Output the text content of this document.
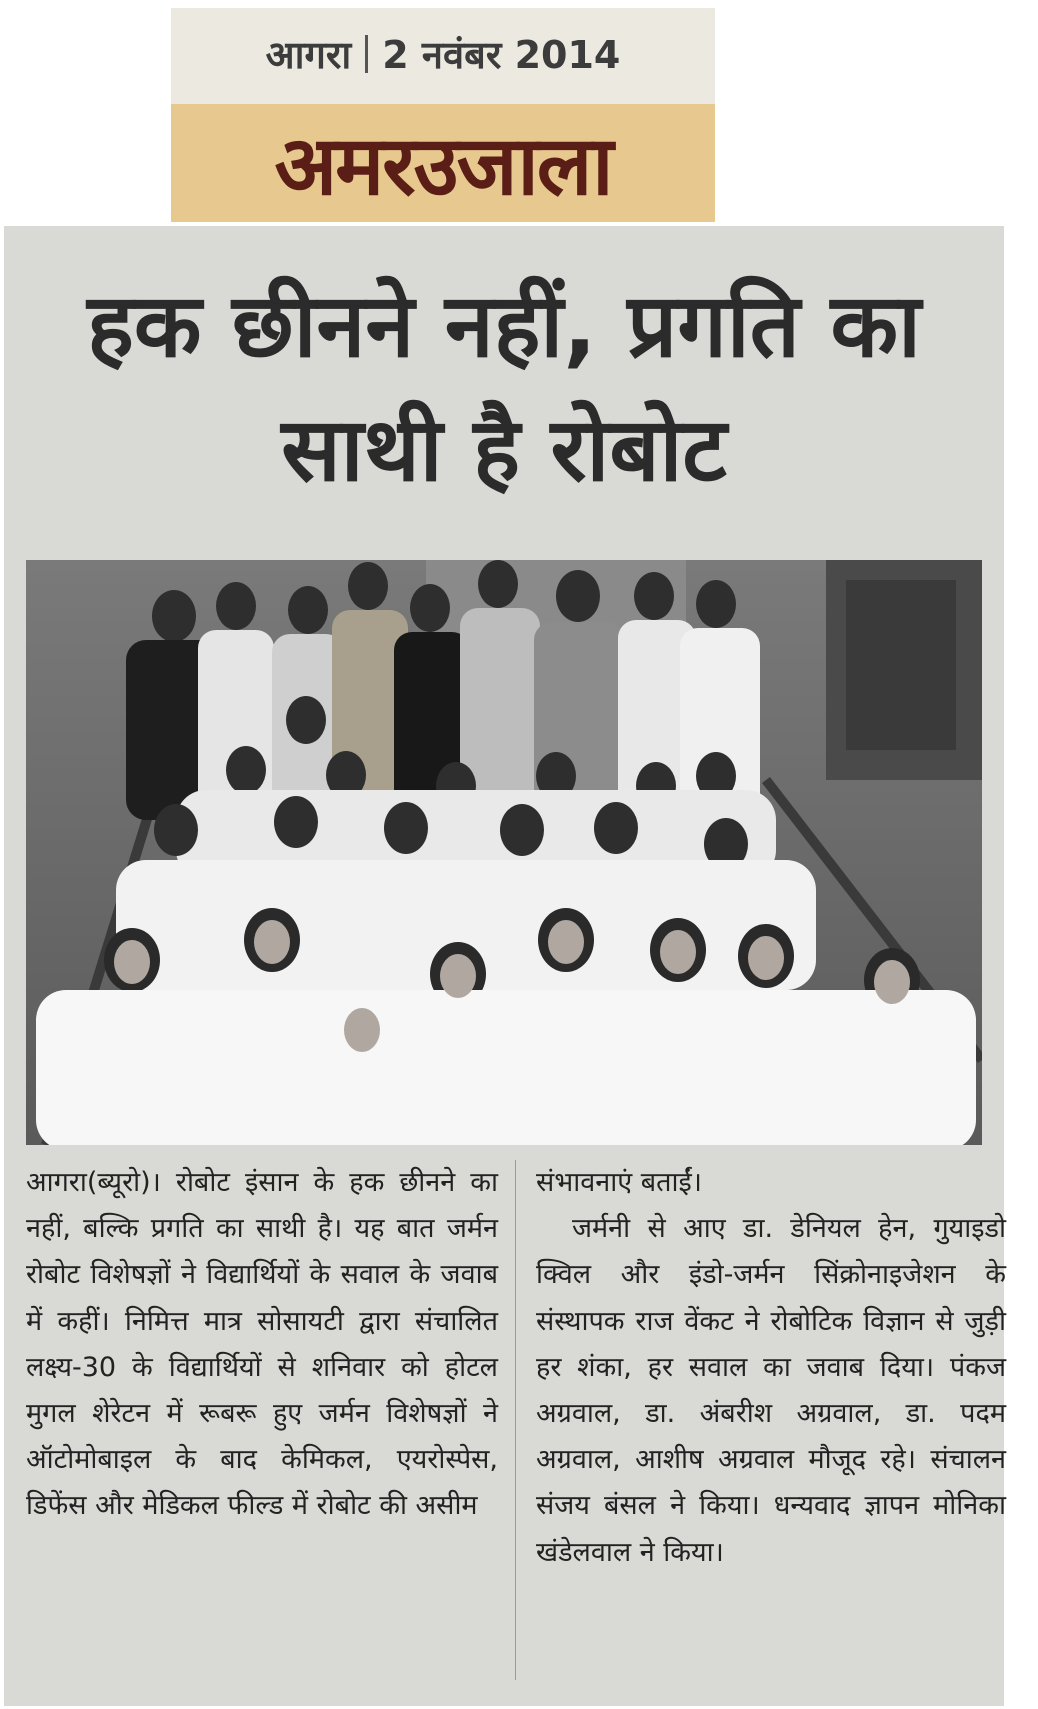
आगरा 2 नवंबर 2014
अमरउजाला
हक छीनने नहीं, प्रगति का साथी है रोबोट

आगरा(ब्यूरो)। रोबोट इंसान के हक छीनने का नहीं, बल्कि प्रगति का साथी है। यह बात जर्मन रोबोट विशेषज्ञों ने विद्यार्थियों के सवाल के जवाब में कहीं। निमित्त मात्र सोसायटी द्वारा संचालित लक्ष्य-30 के विद्यार्थियों से शनिवार को होटल मुगल शेरेटन में रूबरू हुए जर्मन विशेषज्ञों ने ऑटोमोबाइल के बाद केमिकल, एयरोस्पेस, डिफेंस और मेडिकल फील्ड में रोबोट की असीम

संभावनाएं बताईं।

जर्मनी से आए डा. डेनियल हेन, गुयाइडो क्विल और इंडो-जर्मन सिंक्रोनाइजेशन के संस्थापक राज वेंकट ने रोबोटिक विज्ञान से जुड़ी हर शंका, हर सवाल का जवाब दिया। पंकज अग्रवाल, डा. अंबरीश अग्रवाल, डा. पदम अग्रवाल, आशीष अग्रवाल मौजूद रहे। संचालन संजय बंसल ने किया। धन्यवाद ज्ञापन मोनिका खंडेलवाल ने किया।
